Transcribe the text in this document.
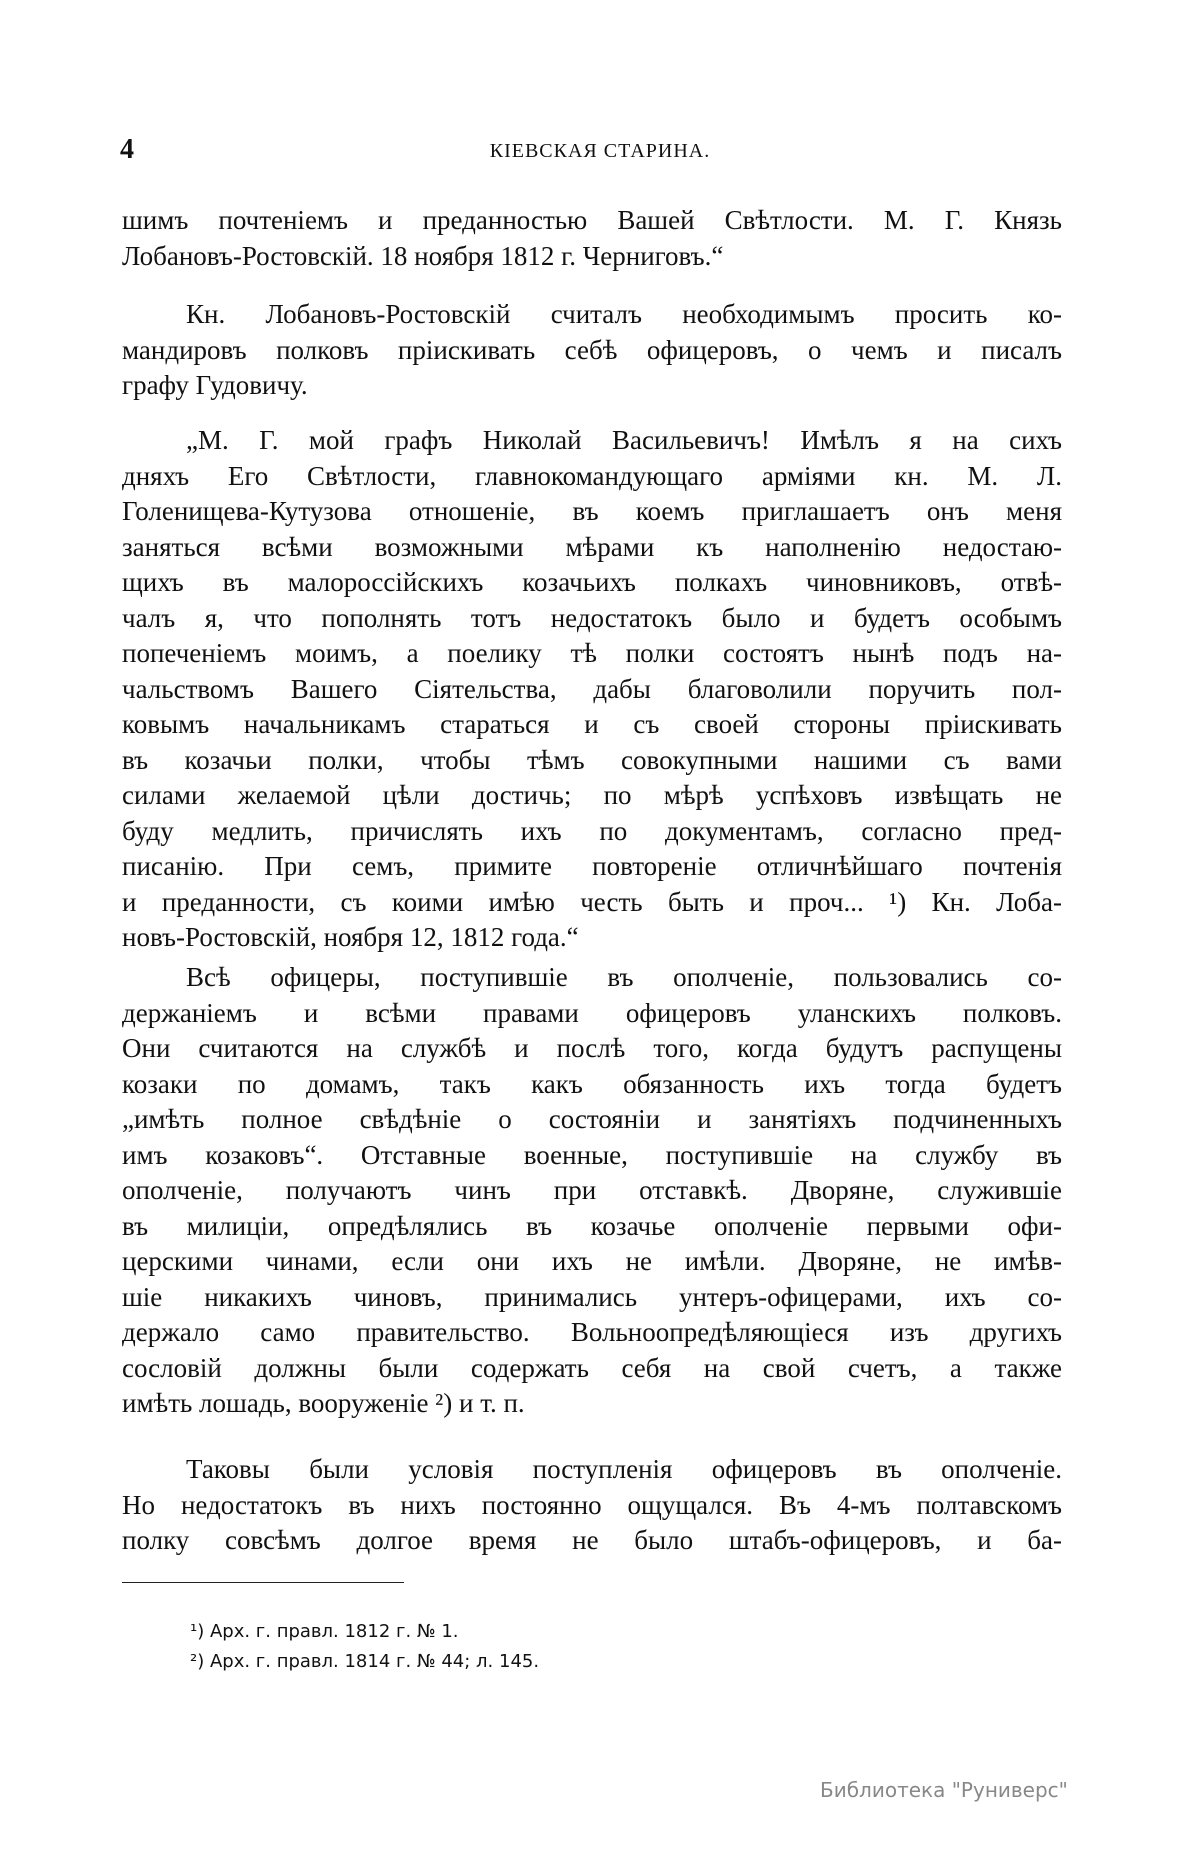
4	КІЕВСКАЯ СТАРИНА.
шимъ почтеніемъ и преданностью Вашей Свѣтлости. М. Г. Князь
Лобановъ-Ростовскій. 18 ноября 1812 г. Черниговъ.“
Кн. Лобановъ-Ростовскій считалъ необходимымъ просить ко-
мандировъ полковъ пріискивать себѣ офицеровъ, о чемъ и писалъ
графу Гудовичу.
„М. Г. мой графъ Николай Васильевичъ! Имѣлъ я на сихъ
дняхъ Его Свѣтлости, главнокомандующаго арміями кн. М. Л.
Голенищева-Кутузова отношеніе, въ коемъ приглашаетъ онъ меня
заняться всѣми возможными мѣрами къ наполненію недостаю-
щихъ въ малороссійскихъ козачьихъ полкахъ чиновниковъ, отвѣ-
чалъ я, что пополнять тотъ недостатокъ было и будетъ особымъ
попеченіемъ моимъ, а поелику тѣ полки состоятъ нынѣ подъ на-
чальствомъ Вашего Сіятельства, дабы благоволили поручить пол-
ковымъ начальникамъ стараться и съ своей стороны пріискивать
въ козачьи полки, чтобы тѣмъ совокупными нашими съ вами
силами желаемой цѣли достичь; по мѣрѣ успѣховъ извѣщать не
буду медлить, причислять ихъ по документамъ, согласно пред-
писанію. При семъ, примите повтореніе отличнѣйшаго почтенія
и преданности, съ коими имѣю честь быть и проч... ¹) Кн. Лоба-
новъ-Ростовскій, ноября 12, 1812 года.“
Всѣ офицеры, поступившіе въ ополченіе, пользовались со-
держаніемъ и всѣми правами офицеровъ уланскихъ полковъ.
Они считаются на службѣ и послѣ того, когда будутъ распущены
козаки по домамъ, такъ какъ обязанность ихъ тогда будетъ
„имѣть полное свѣдѣніе о состояніи и занятіяхъ подчиненныхъ
имъ козаковъ“. Отставные военные, поступившіе на службу въ
ополченіе, получаютъ чинъ при отставкѣ. Дворяне, служившіе
въ милиціи, опредѣлялись въ козачье ополченіе первыми офи-
церскими чинами, если они ихъ не имѣли. Дворяне, не имѣв-
шіе никакихъ чиновъ, принимались унтеръ-офицерами, ихъ со-
держало само правительство. Вольноопредѣляющіеся изъ другихъ
сословій должны были содержать себя на свой счетъ, а также
имѣть лошадь, вооруженіе ²) и т. п.
Таковы были условія поступленія офицеровъ въ ополченіе.
Но недостатокъ въ нихъ постоянно ощущался. Въ 4-мъ полтавскомъ
полку совсѣмъ долгое время не было штабъ-офицеровъ, и ба-
¹) Арх. г. правл. 1812 г. № 1.
²) Арх. г. правл. 1814 г. № 44; л. 145.
Библиотека "Руниверс"
